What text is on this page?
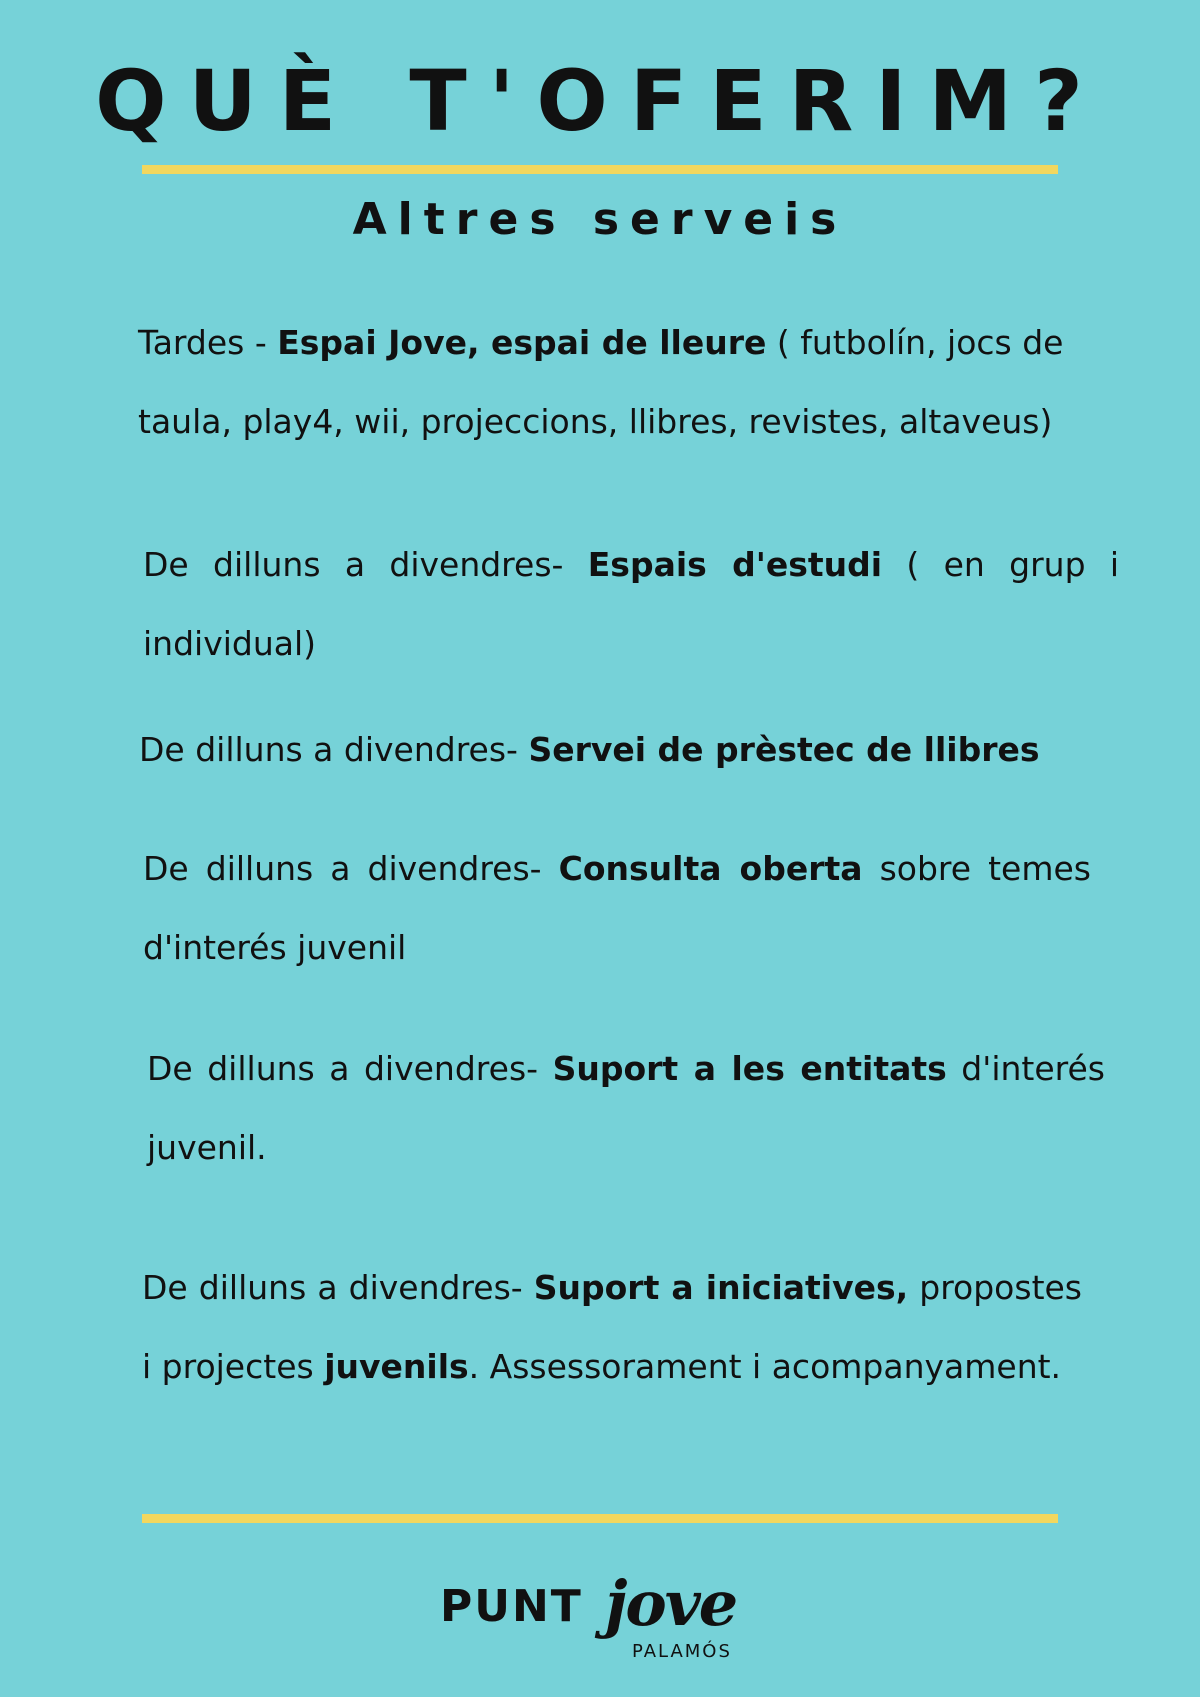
QUÈ T'OFERIM?
Altres serveis

Tardes - Espai Jove, espai de lleure ( futbolín, jocs de taula, play4, wii, projeccions, llibres, revistes, altaveus)

De dilluns a divendres- Espais d'estudi ( en grup i individual)

De dilluns a divendres- Servei de prèstec de llibres

De dilluns a divendres- Consulta oberta sobre temes d'interés juvenil

De dilluns a divendres- Suport a les entitats d'interés juvenil.

De dilluns a divendres- Suport a iniciatives, propostes i projectes juvenils. Assessorament i acompanyament.

PUNT jove
PALAMÓS
